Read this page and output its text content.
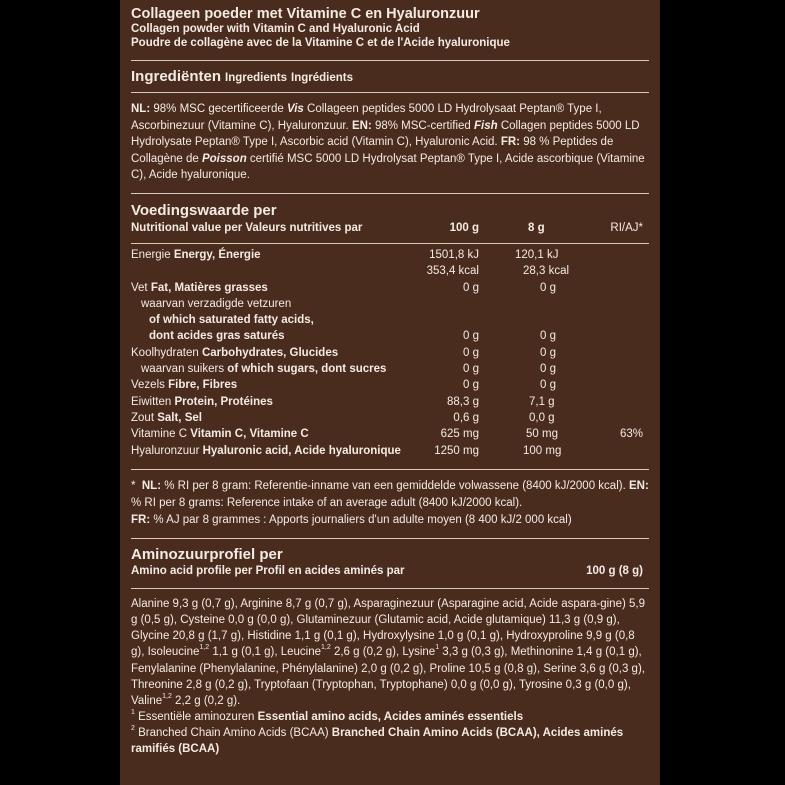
Collageen poeder met Vitamine C en Hyaluronzuur
Collagen powder with Vitamin C and Hyaluronic Acid
Poudre de collagène avec de la Vitamine C et de l'Acide hyaluronique
Ingrediënten Ingredients Ingrédients

NL: 98% MSC gecertificeerde Vis Collageen peptides 5000 LD Hydrolysaat Peptan® Type I, Ascorbinezuur (Vitamine C), Hyaluronzuur. EN: 98% MSC-certified Fish Collagen peptides 5000 LD Hydrolysate Peptan® Type I, Ascorbic acid (Vitamin C), Hyaluronic Acid. FR: 98 % Peptides de Collagène de Poisson certifié MSC 5000 LD Hydrolysat Peptan® Type I, Acide ascorbique (Vitamine C), Acide hyaluronique.

Voedingswaarde per
Nutritional value per Valeurs nutritives par	100 g	8 g	RI/AJ*
Energie Energy, Énergie	1501,8 kJ	120,1 kJ
353,4 kcal	28,3 kcal
Vet Fat, Matières grasses	0 g	0 g
waarvan verzadigde vetzuren
of which saturated fatty acids,
dont acides gras saturés	0 g	0 g
Koolhydraten Carbohydrates, Glucides	0 g	0 g
waarvan suikers of which sugars, dont sucres	0 g	0 g
Vezels Fibre, Fibres	0 g	0 g
Eiwitten Protein, Protéines	88,3 g	7,1 g
Zout Salt, Sel	0,6 g	0,0 g
Vitamine C Vitamin C, Vitamine C	625 mg	50 mg	63%
Hyaluronzuur Hyaluronic acid, Acide hyaluronique	1250 mg	100 mg

* NL: % RI per 8 gram: Referentie-inname van een gemiddelde volwassene (8400 kJ/2000 kcal). EN: % RI per 8 grams: Reference intake of an average adult (8400 kJ/2000 kcal).
FR: % AJ par 8 grammes : Apports journaliers d'un adulte moyen (8 400 kJ/2 000 kcal)

Aminozuurprofiel per
Amino acid profile per Profil en acides aminés par	100 g (8 g)

Alanine 9,3 g (0,7 g), Arginine 8,7 g (0,7 g), Asparaginezuur (Asparagine acid, Acide aspara-gine) 5,9 g (0,5 g), Cysteine 0,0 g (0,0 g), Glutaminezuur (Glutamic acid, Acide glutamique) 11,3 g (0,9 g), Glycine 20,8 g (1,7 g), Histidine 1,1 g (0,1 g), Hydroxylysine 1,0 g (0,1 g), Hydroxyproline 9,9 g (0,8 g), Isoleucine$^{1,2}$ 1,1 g (0,1 g), Leucine$^{1,2}$ 2,6 g (0,2 g), Lysine$^1$ 3,3 g (0,3 g), Methinonine 1,4 g (0,1 g), Fenylalanine (Phenylalanine, Phénylalanine) 2,0 g (0,2 g), Proline 10,5 g (0,8 g), Serine 3,6 g (0,3 g), Threonine 2,8 g (0,2 g), Tryptofaan (Tryptophan, Tryptophane) 0,0 g (0,0 g), Tyrosine 0,3 g (0,0 g), Valine$^{1,2}$ 2,2 g (0,2 g).

$^1$ Essentiële aminozuren Essential amino acids, Acides aminés essentiels

$^2$ Branched Chain Amino Acids (BCAA) Branched Chain Amino Acids (BCAA), Acides aminés ramifiés (BCAA)
